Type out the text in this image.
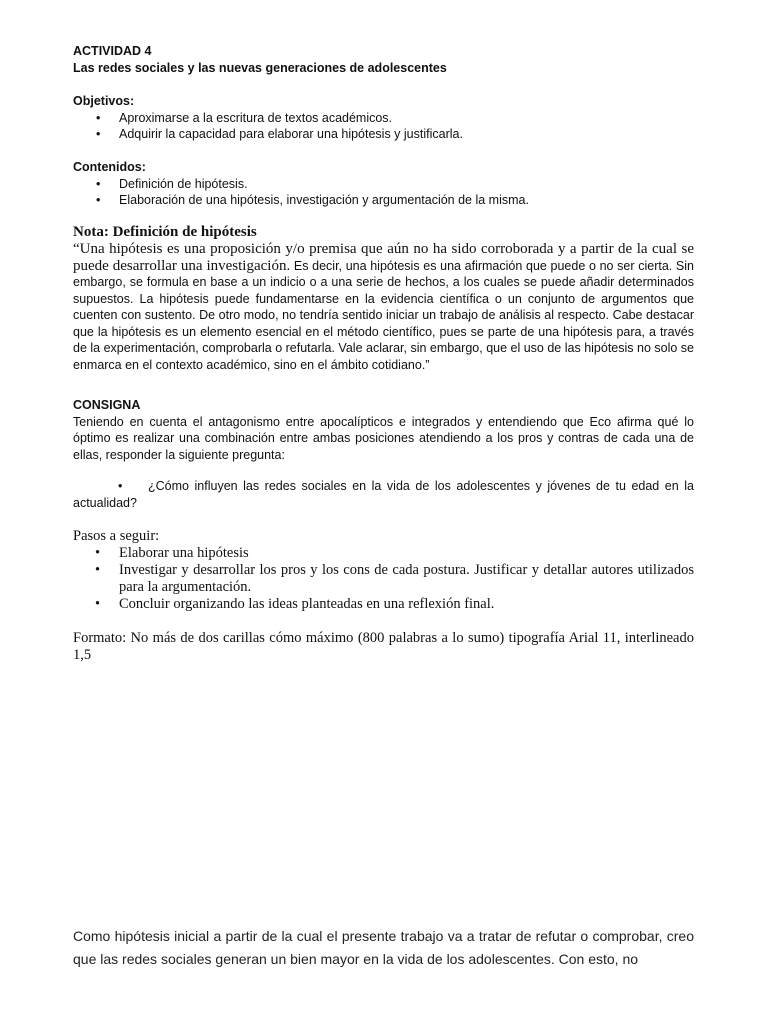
ACTIVIDAD 4
Las redes sociales y las nuevas generaciones de adolescentes
Objetivos:
• Aproximarse a la escritura de textos académicos.
• Adquirir la capacidad para elaborar una hipótesis y justificarla.
Contenidos:
• Definición de hipótesis.
• Elaboración de una hipótesis, investigación y argumentación de la misma.
Nota: Definición de hipótesis

“Una hipótesis es una proposición y/o premisa que aún no ha sido corroborada y a partir de la cual se puede desarrollar una investigación. Es decir, una hipótesis es una afirmación que puede o no ser cierta. Sin embargo, se formula en base a un indicio o a una serie de hechos, a los cuales se puede añadir determinados supuestos. La hipótesis puede fundamentarse en la evidencia científica o un conjunto de argumentos que cuenten con sustento. De otro modo, no tendría sentido iniciar un trabajo de análisis al respecto. Cabe destacar que la hipótesis es un elemento esencial en el método científico, pues se parte de una hipótesis para, a través de la experimentación, comprobarla o refutarla. Vale aclarar, sin embargo, que el uso de las hipótesis no solo se enmarca en el contexto académico, sino en el ámbito cotidiano.”

CONSIGNA

Teniendo en cuenta el antagonismo entre apocalípticos e integrados y entendiendo que Eco afirma qué lo óptimo es realizar una combinación entre ambas posiciones atendiendo a los pros y contras de cada una de ellas, responder la siguiente pregunta:

•	¿Cómo influyen las redes sociales en la vida de los adolescentes y jóvenes de tu edad en la actualidad?
Pasos a seguir:
• Elaborar una hipótesis
• Investigar y desarrollar los pros y los cons de cada postura. Justificar y detallar autores utilizados para la argumentación.
• Concluir organizando las ideas planteadas en una reflexión final.

Formato: No más de dos carillas cómo máximo (800 palabras a lo sumo) tipografía Arial 11, interlineado 1,5

Como hipótesis inicial a partir de la cual el presente trabajo va a tratar de refutar o comprobar, creo que las redes sociales generan un bien mayor en la vida de los adolescentes. Con esto, no
